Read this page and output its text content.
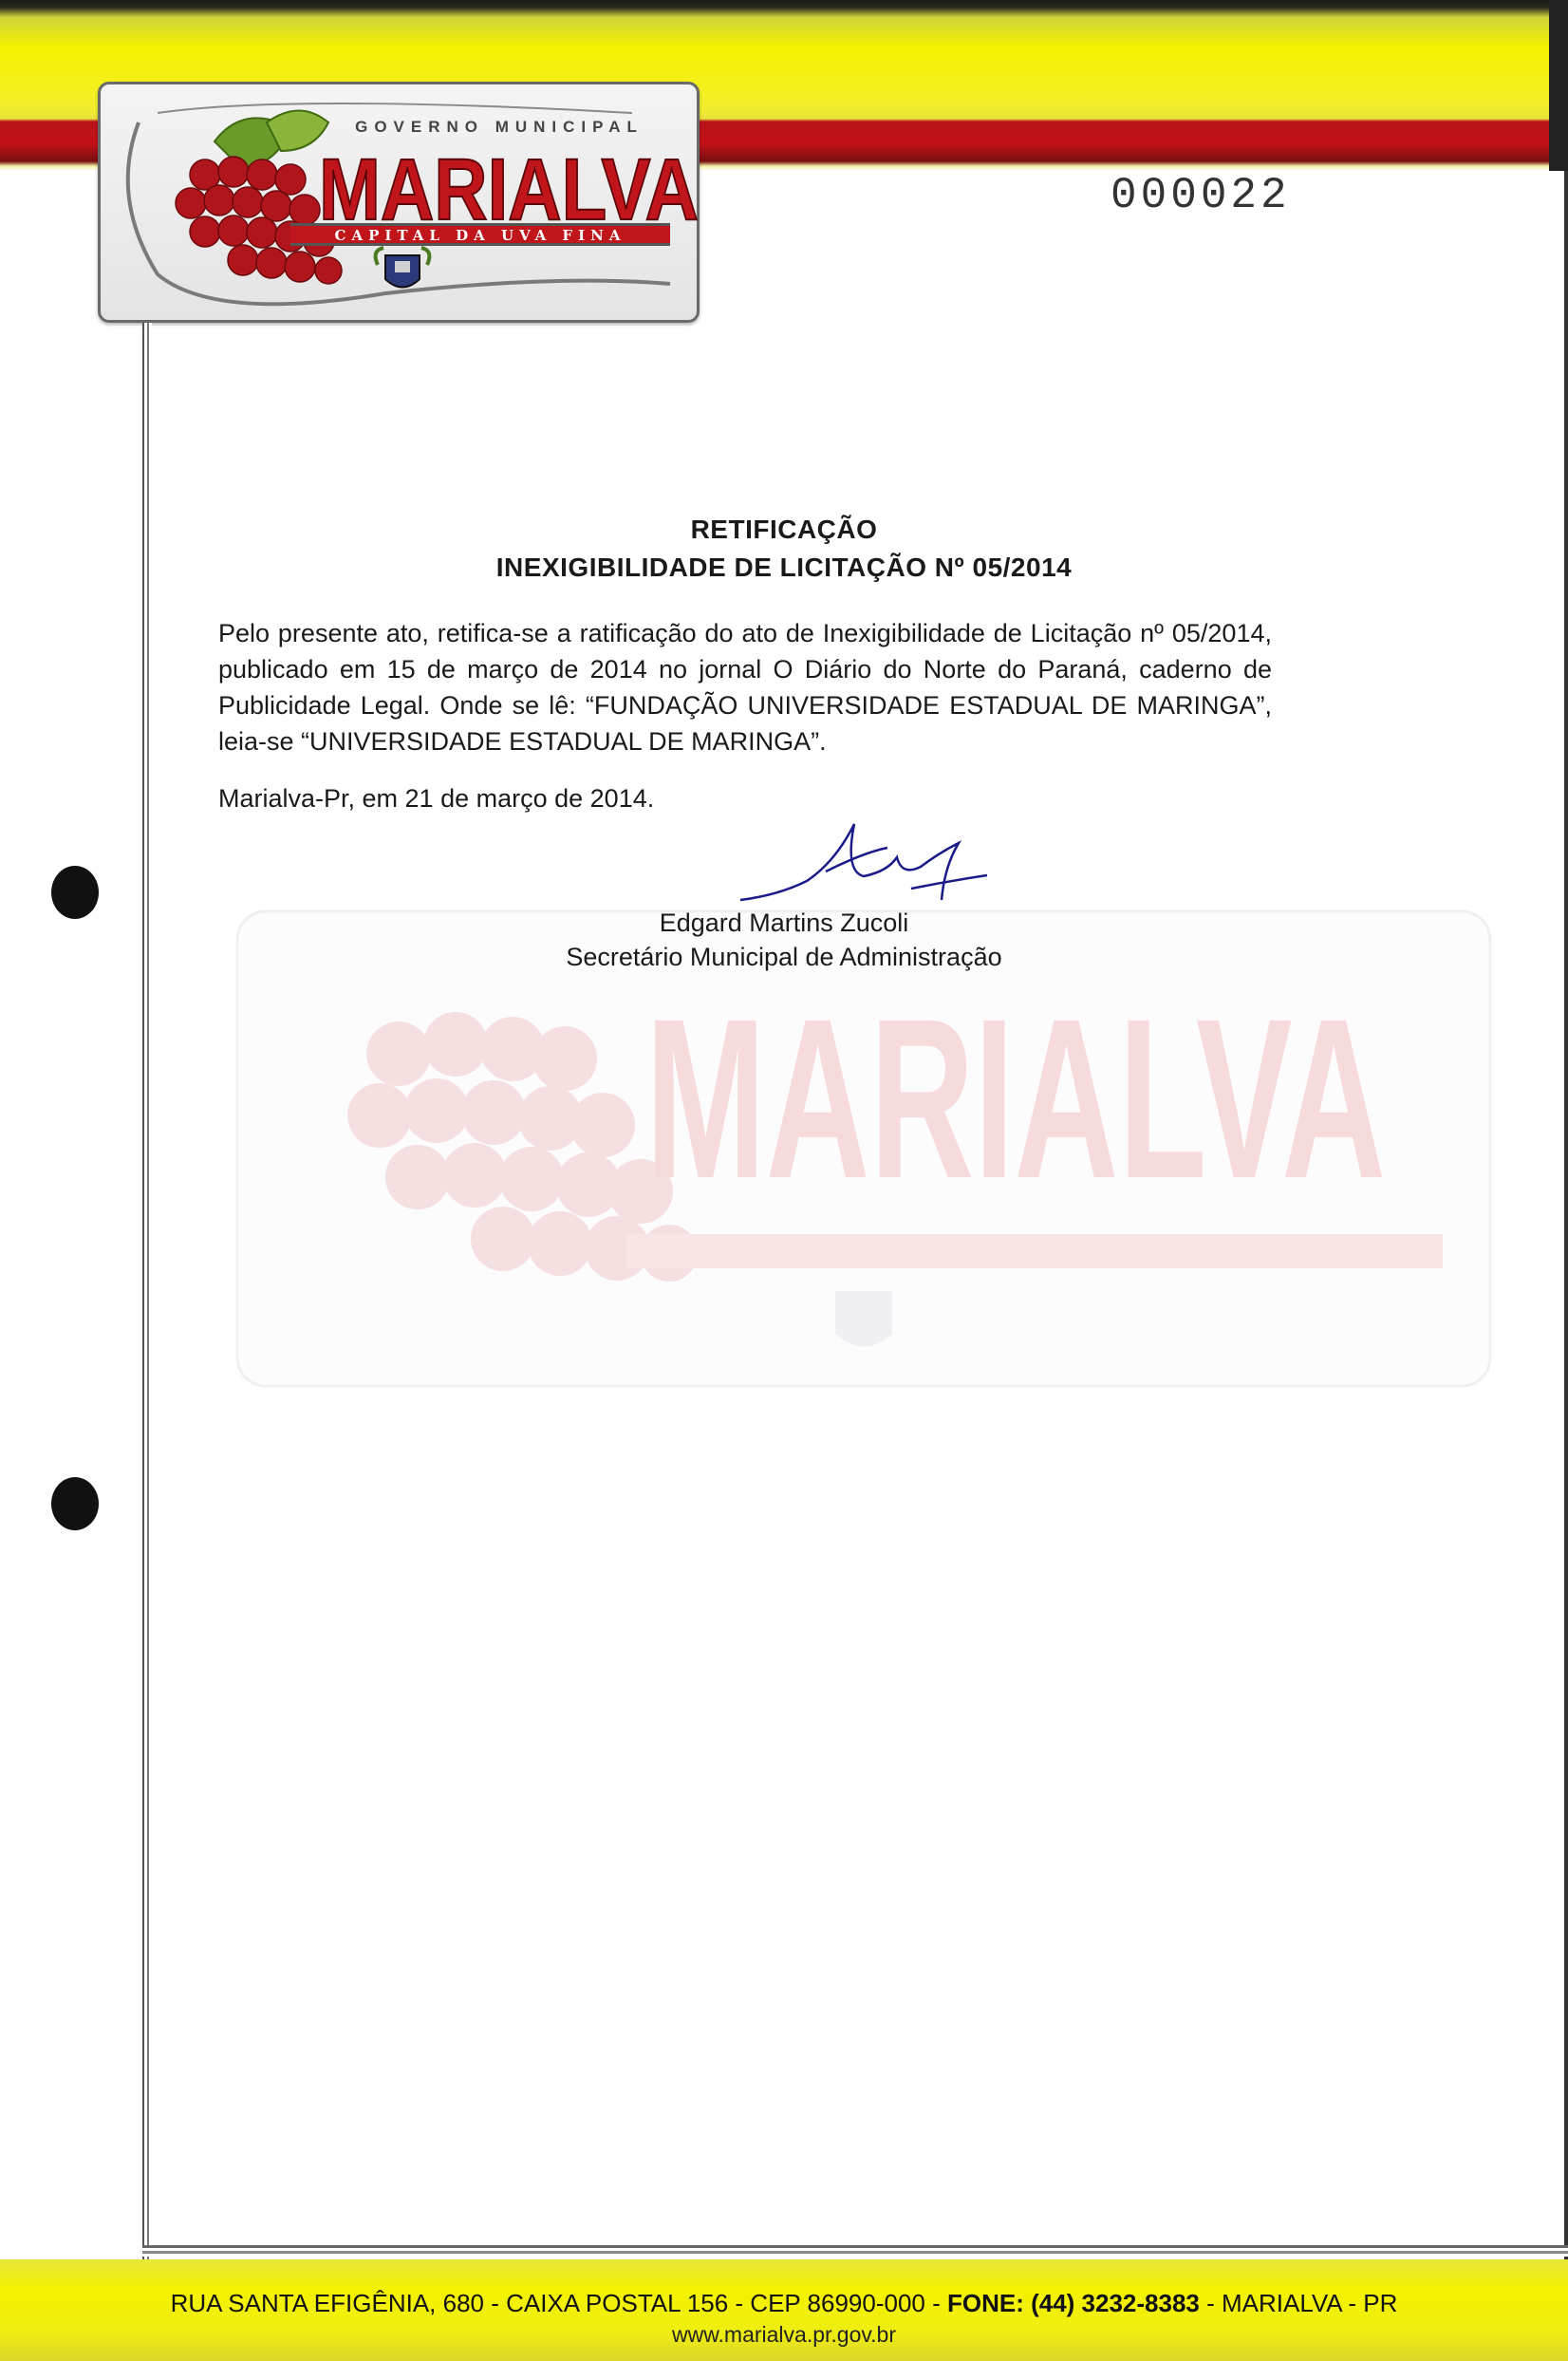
CAPITAL DA UVA FINA
GOVERNO MUNICIPAL
MARIALVA	000022
MARIALVA
RETIFICAÇÃO
INEXIGIBILIDADE DE LICITAÇÃO Nº 05/2014
Pelo presente ato, retifica-se a ratificação do ato de Inexigibilidade de Licitação nº 05/2014, publicado em 15 de março de 2014 no jornal O Diário do Norte do Paraná, caderno de Publicidade Legal. Onde se lê: “FUNDAÇÃO UNIVERSIDADE ESTADUAL DE MARINGA”, leia-se “UNIVERSIDADE ESTADUAL DE MARINGA”.
Marialva-Pr, em 21 de março de 2014.
Edgard Martins Zucoli
Secretário Municipal de Administração
RUA SANTA EFIGÊNIA, 680 - CAIXA POSTAL 156 - CEP 86990-000 - FONE: (44) 3232-8383 - MARIALVA - PR
www.marialva.pr.gov.br
